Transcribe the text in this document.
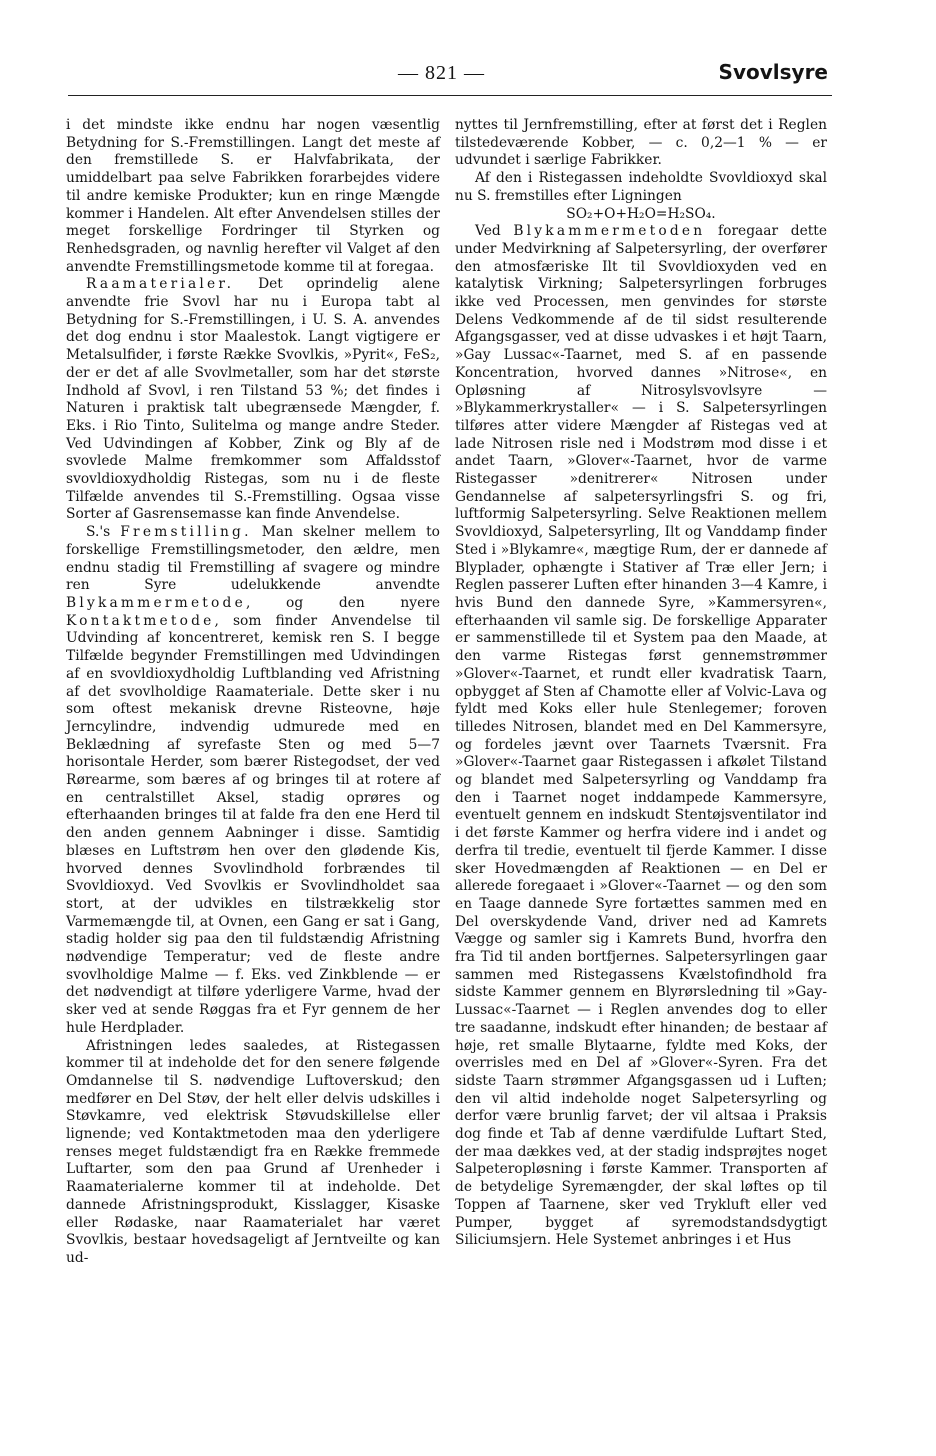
— 821 —	Svovlsyre

i det mindste ikke endnu har nogen væsentlig Betydning for S.-Fremstillingen. Langt det meste af den fremstillede S. er Halvfabrikata, der umiddelbart paa selve Fabrikken forarbejdes videre til andre kemiske Produkter; kun en ringe Mængde kommer i Handelen. Alt efter Anvendelsen stilles der meget forskellige Fordringer til Styrken og Renhedsgraden, og navnlig herefter vil Valget af den anvendte Fremstillingsmetode komme til at foregaa.

Raamaterialer. Det oprindelig alene anvendte frie Svovl har nu i Europa tabt al Betydning for S.-Fremstillingen, i U. S. A. anvendes det dog endnu i stor Maalestok. Langt vigtigere er Metalsulfider, i første Række Svovlkis, »Pyrit«, FeS₂, der er det af alle Svovlmetaller, som har det største Indhold af Svovl, i ren Tilstand 53 %; det findes i Naturen i praktisk talt ubegrænsede Mængder, f. Eks. i Rio Tinto, Sulitelma og mange andre Steder. Ved Udvindingen af Kobber, Zink og Bly af de svovlede Malme fremkommer som Affaldsstof svovldioxydholdig Ristegas, som nu i de fleste Tilfælde anvendes til S.-Fremstilling. Ogsaa visse Sorter af Gasrensemasse kan finde Anvendelse.

S.'s Fremstilling. Man skelner mellem to forskellige Fremstillingsmetoder, den ældre, men endnu stadig til Fremstilling af svagere og mindre ren Syre udelukkende anvendte Blykammermetode, og den nyere Kontaktmetode, som finder Anvendelse til Udvinding af koncentreret, kemisk ren S. I begge Tilfælde begynder Fremstillingen med Udvindingen af en svovldioxydholdig Luftblanding ved Afristning af det svovlholdige Raamateriale. Dette sker i nu som oftest mekanisk drevne Risteovne, høje Jerncylindre, indvendig udmurede med en Beklædning af syrefaste Sten og med 5—7 horisontale Herder, som bærer Ristegodset, der ved Rørearme, som bæres af og bringes til at rotere af en centralstillet Aksel, stadig oprøres og efterhaanden bringes til at falde fra den ene Herd til den anden gennem Aabninger i disse. Samtidig blæses en Luftstrøm hen over den glødende Kis, hvorved dennes Svovlindhold forbrændes til Svovldioxyd. Ved Svovlkis er Svovlindholdet saa stort, at der udvikles en tilstrækkelig stor Varmemængde til, at Ovnen, een Gang er sat i Gang, stadig holder sig paa den til fuldstændig Afristning nødvendige Temperatur; ved de fleste andre svovlholdige Malme — f. Eks. ved Zinkblende — er det nødvendigt at tilføre yderligere Varme, hvad der sker ved at sende Røggas fra et Fyr gennem de her hule Herdplader.

Afristningen ledes saaledes, at Ristegassen kommer til at indeholde det for den senere følgende Omdannelse til S. nødvendige Luftoverskud; den medfører en Del Støv, der helt eller delvis udskilles i Støvkamre, ved elektrisk Støvudskillelse eller lignende; ved Kontaktmetoden maa den yderligere renses meget fuldstændigt fra en Række fremmede Luftarter, som den paa Grund af Urenheder i Raamaterialerne kommer til at indeholde. Det dannede Afristningsprodukt, Kisslagger, Kisaske eller Rødaske, naar Raamaterialet har været Svovlkis, bestaar hovedsageligt af Jerntveilte og kan ud-

nyttes til Jernfremstilling, efter at først det i Reglen tilstedeværende Kobber, — c. 0,2—1 % — er udvundet i særlige Fabrikker.

Af den i Ristegassen indeholdte Svovldioxyd skal nu S. fremstilles efter Ligningen

SO₂+O+H₂O=H₂SO₄.

Ved Blykammermetoden foregaar dette under Medvirkning af Salpetersyrling, der overfører den atmosfæriske Ilt til Svovldioxyden ved en katalytisk Virkning; Salpetersyrlingen forbruges ikke ved Processen, men genvindes for største Delens Vedkommende af de til sidst resulterende Afgangsgasser, ved at disse udvaskes i et højt Taarn, »Gay Lussac«-Taarnet, med S. af en passende Koncentration, hvorved dannes »Nitrose«, en Opløsning af Nitrosylsvovlsyre — »Blykammerkrystaller« — i S. Salpetersyrlingen tilføres atter videre Mængder af Ristegas ved at lade Nitrosen risle ned i Modstrøm mod disse i et andet Taarn, »Glover«-Taarnet, hvor de varme Ristegasser »denitrerer« Nitrosen under Gendannelse af salpetersyrlingsfri S. og fri, luftformig Salpetersyrling. Selve Reaktionen mellem Svovldioxyd, Salpetersyrling, Ilt og Vanddamp finder Sted i »Blykamre«, mægtige Rum, der er dannede af Blyplader, ophængte i Stativer af Træ eller Jern; i Reglen passerer Luften efter hinanden 3—4 Kamre, i hvis Bund den dannede Syre, »Kammersyren«, efterhaanden vil samle sig. De forskellige Apparater er sammenstillede til et System paa den Maade, at den varme Ristegas først gennemstrømmer »Glover«-Taarnet, et rundt eller kvadratisk Taarn, opbygget af Sten af Chamotte eller af Volvic-Lava og fyldt med Koks eller hule Stenlegemer; foroven tilledes Nitrosen, blandet med en Del Kammersyre, og fordeles jævnt over Taarnets Tværsnit. Fra »Glover«-Taarnet gaar Ristegassen i afkølet Tilstand og blandet med Salpetersyrling og Vanddamp fra den i Taarnet noget inddampede Kammersyre, eventuelt gennem en indskudt Stentøjsventilator ind i det første Kammer og herfra videre ind i andet og derfra til tredie, eventuelt til fjerde Kammer. I disse sker Hovedmængden af Reaktionen — en Del er allerede foregaaet i »Glover«-Taarnet — og den som en Taage dannede Syre fortættes sammen med en Del overskydende Vand, driver ned ad Kamrets Vægge og samler sig i Kamrets Bund, hvorfra den fra Tid til anden bortfjernes. Salpetersyrlingen gaar sammen med Ristegassens Kvælstofindhold fra sidste Kammer gennem en Blyrørsledning til »Gay-Lussac«-Taarnet — i Reglen anvendes dog to eller tre saadanne, indskudt efter hinanden; de bestaar af høje, ret smalle Blytaarne, fyldte med Koks, der overrisles med en Del af »Glover«-Syren. Fra det sidste Taarn strømmer Afgangsgassen ud i Luften; den vil altid indeholde noget Salpetersyrling og derfor være brunlig farvet; der vil altsaa i Praksis dog finde et Tab af denne værdifulde Luftart Sted, der maa dækkes ved, at der stadig indsprøjtes noget Salpeteropløsning i første Kammer. Transporten af de betydelige Syremængder, der skal løftes op til Toppen af Taarnene, sker ved Trykluft eller ved Pumper, bygget af syremodstandsdygtigt Siliciumsjern. Hele Systemet anbringes i et Hus
